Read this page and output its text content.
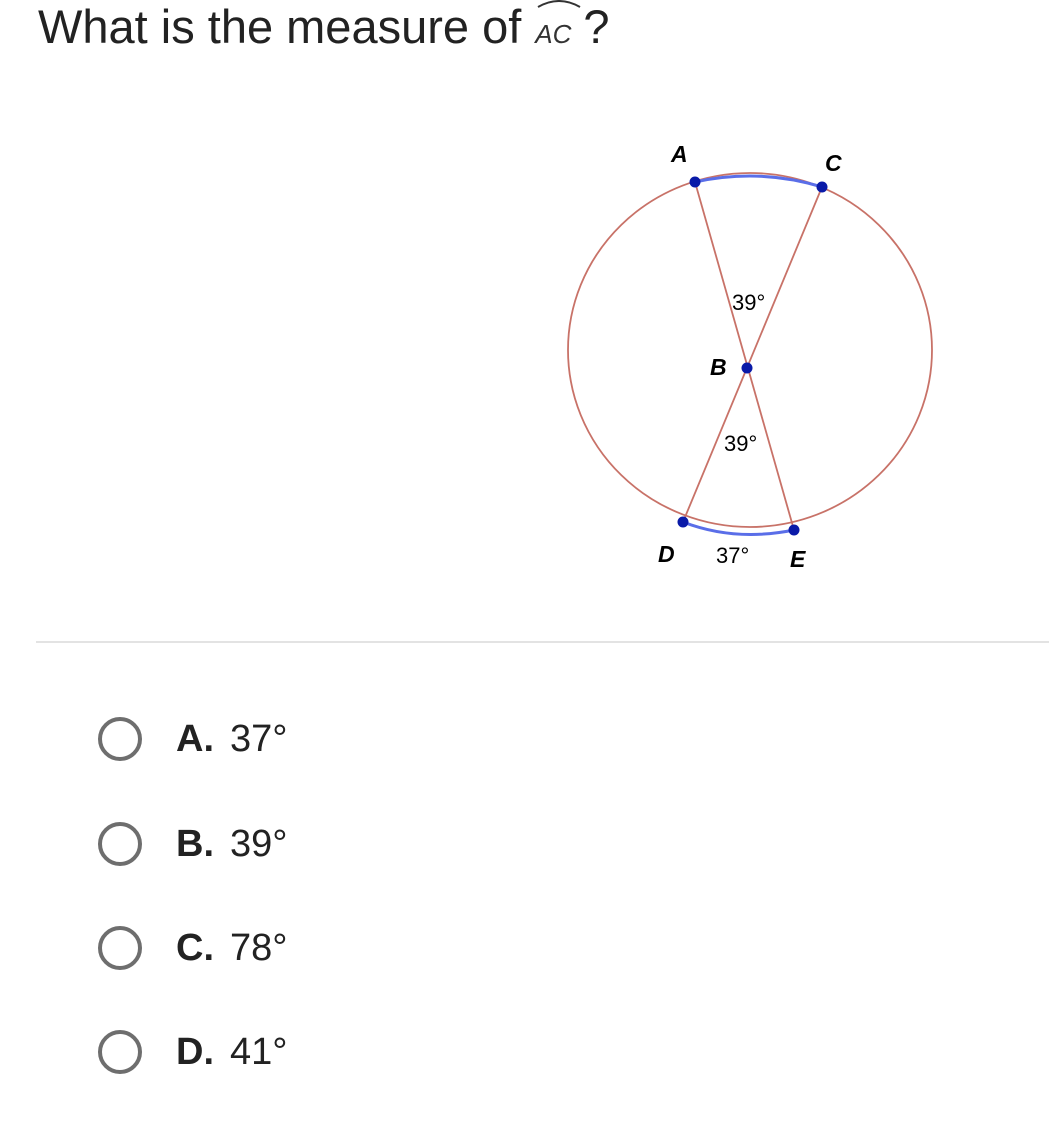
What is the measure of AC ?
A	C
B
D	E
39°
39°
37°
A. 37°
B. 39°
C. 78°
D. 41°
